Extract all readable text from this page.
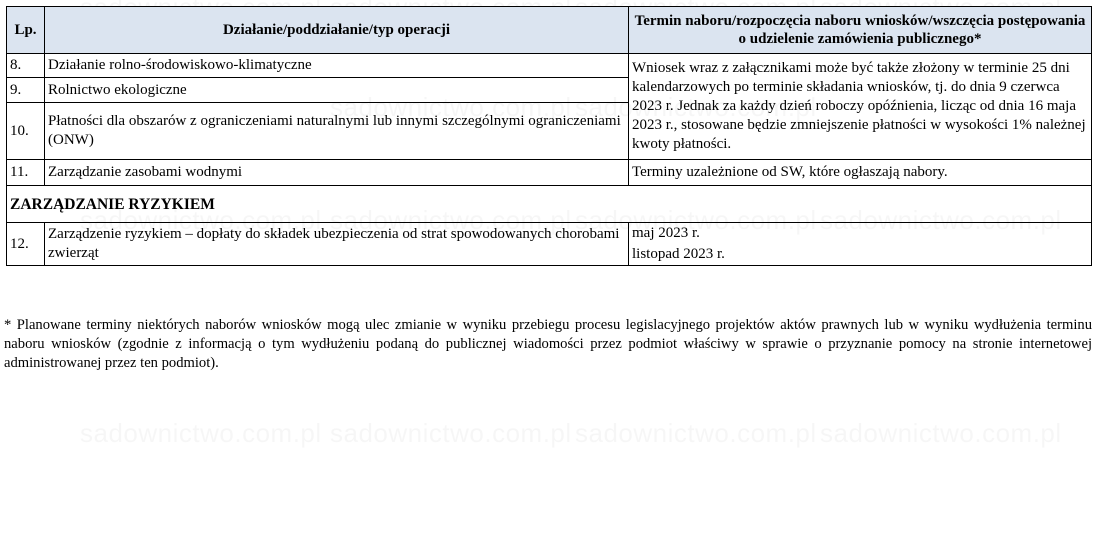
Lp.	Działanie/poddziałanie/typ operacji	Termin naboru/rozpoczęcia naboru wniosków/wszczęcia postępowania o udzielenie zamówienia publicznego*
8.	Działanie rolno-środowiskowo-klimatyczne	Wniosek wraz z załącznikami może być także złożony w terminie 25 dni kalendarzowych po terminie składania wniosków, tj. do dnia 9 czerwca 2023 r. Jednak za każdy dzień roboczy opóźnienia, licząc od dnia 16 maja 2023 r., stosowane będzie zmniejszenie płatności w wysokości 1% należnej kwoty płatności.
9.	Rolnictwo ekologiczne	
10.	Płatności dla obszarów z ograniczeniami naturalnymi lub innymi szczególnymi ograniczeniami (ONW)	
11.	Zarządzanie zasobami wodnymi	Terminy uzależnione od SW, które ogłaszają nabory.
ZARZĄDZANIE RYZYKIEM		
12.	Zarządzenie ryzykiem – dopłaty do składek ubezpieczenia od strat spowodowanych chorobami zwierząt	maj 2023 r.
listopad 2023 r.
* Planowane terminy niektórych naborów wniosków mogą ulec zmianie w wyniku przebiegu procesu legislacyjnego projektów aktów prawnych lub w wyniku wydłużenia terminu naboru wniosków (zgodnie z informacją o tym wydłużeniu podaną do publicznej wiadomości przez podmiot właściwy w sprawie o przyznanie pomocy na stronie internetowej administrowanej przez ten podmiot).
